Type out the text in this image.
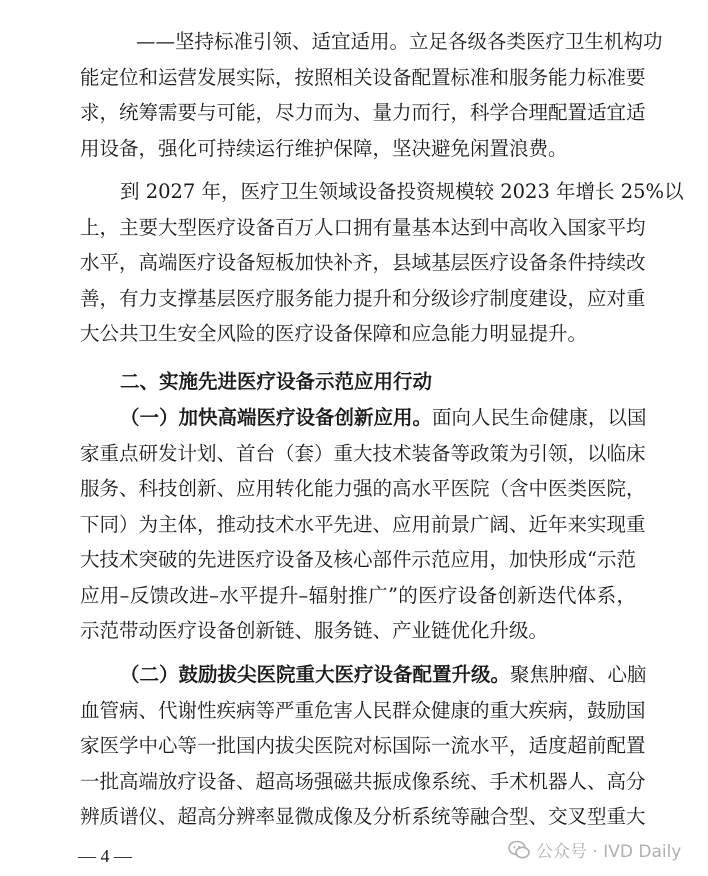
——坚持标准引领、适宜适用。立足各级各类医疗卫生机构功
能定位和运营发展实际，按照相关设备配置标准和服务能力标准要
求，统筹需要与可能，尽力而为、量力而行，科学合理配置适宜适
用设备，强化可持续运行维护保障，坚决避免闲置浪费。
到 2027 年，医疗卫生领域设备投资规模较 2023 年增长 25%以
上，主要大型医疗设备百万人口拥有量基本达到中高收入国家平均
水平，高端医疗设备短板加快补齐，县域基层医疗设备条件持续改
善，有力支撑基层医疗服务能力提升和分级诊疗制度建设，应对重
大公共卫生安全风险的医疗设备保障和应急能力明显提升。
二、实施先进医疗设备示范应用行动
（一）加快高端医疗设备创新应用。面向人民生命健康，以国
家重点研发计划、首台（套）重大技术装备等政策为引领，以临床
服务、科技创新、应用转化能力强的高水平医院（含中医类医院，
下同）为主体，推动技术水平先进、应用前景广阔、近年来实现重
大技术突破的先进医疗设备及核心部件示范应用，加快形成“示范
应用–反馈改进–水平提升–辐射推广”的医疗设备创新迭代体系，
示范带动医疗设备创新链、服务链、产业链优化升级。
（二）鼓励拔尖医院重大医疗设备配置升级。聚焦肿瘤、心脑
血管病、代谢性疾病等严重危害人民群众健康的重大疾病，鼓励国
家医学中心等一批国内拔尖医院对标国际一流水平，适度超前配置
一批高端放疗设备、超高场强磁共振成像系统、手术机器人、高分
辨质谱仪、超高分辨率显微成像及分析系统等融合型、交叉型重大
— 4 —	公众号 · IVD Daily
